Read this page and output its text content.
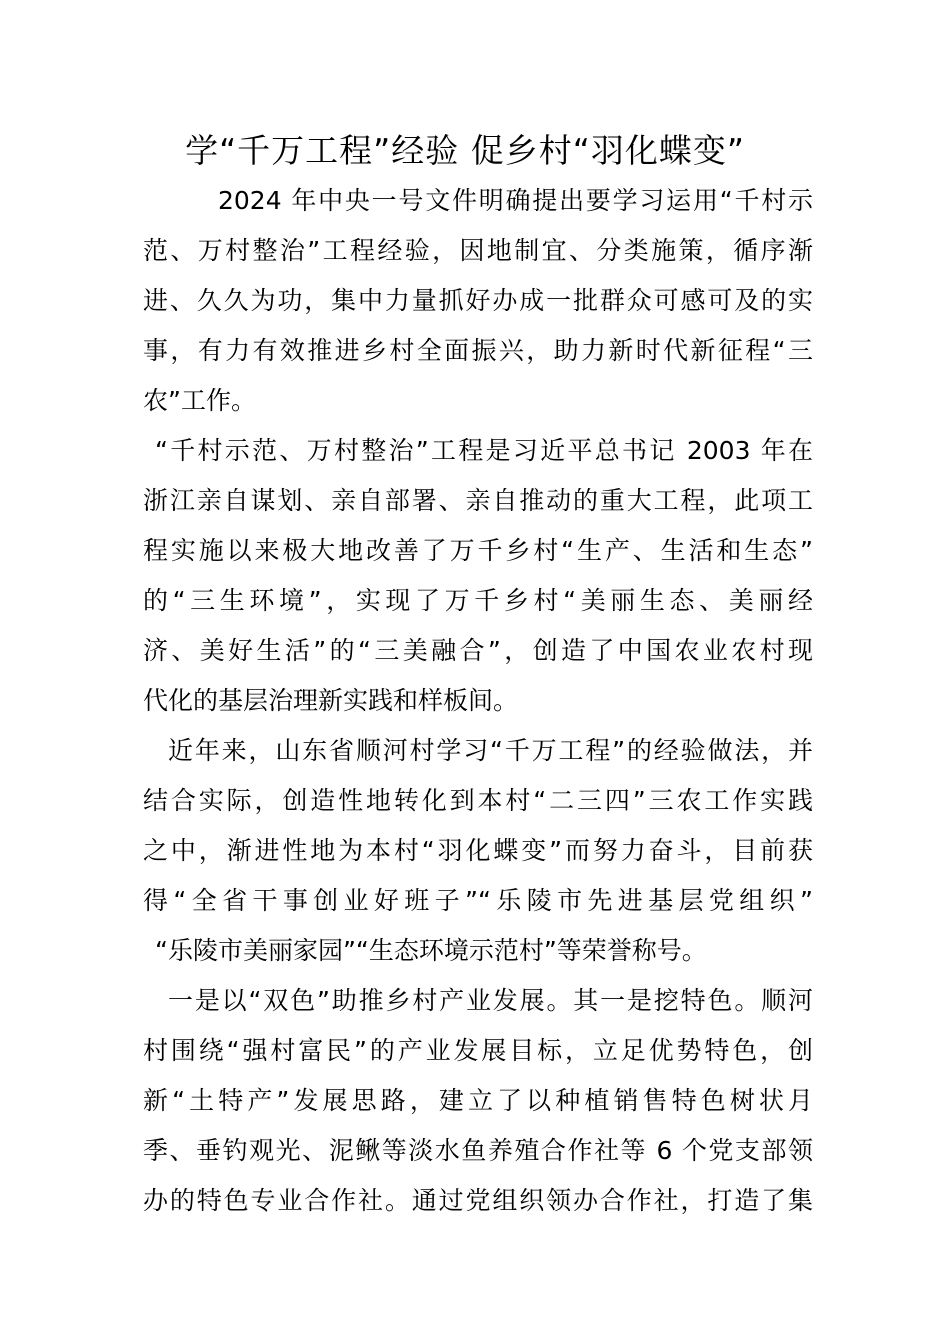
学“千万工程”经验 促乡村“羽化蝶变”
2024 年中央一号文件明确提出要学习运用“千村示
范、万村整治”工程经验，因地制宜、分类施策，循序渐
进、久久为功，集中力量抓好办成一批群众可感可及的实
事，有力有效推进乡村全面振兴，助力新时代新征程“三
农”工作。
“千村示范、万村整治”工程是习近平总书记 2003 年在
浙江亲自谋划、亲自部署、亲自推动的重大工程，此项工
程实施以来极大地改善了万千乡村“生产、生活和生态”
的“三生环境”，实现了万千乡村“美丽生态、美丽经
济、美好生活”的“三美融合”，创造了中国农业农村现
代化的基层治理新实践和样板间。
近年来，山东省顺河村学习“千万工程”的经验做法，并
结合实际，创造性地转化到本村“二三四”三农工作实践
之中，渐进性地为本村“羽化蝶变”而努力奋斗，目前获
得“全省干事创业好班子”“乐陵市先进基层党组织”
“乐陵市美丽家园”“生态环境示范村”等荣誉称号。
一是以“双色”助推乡村产业发展。其一是挖特色。顺河
村围绕“强村富民”的产业发展目标，立足优势特色，创
新“土特产”发展思路，建立了以种植销售特色树状月
季、垂钓观光、泥鳅等淡水鱼养殖合作社等 6 个党支部领
办的特色专业合作社。通过党组织领办合作社，打造了集
